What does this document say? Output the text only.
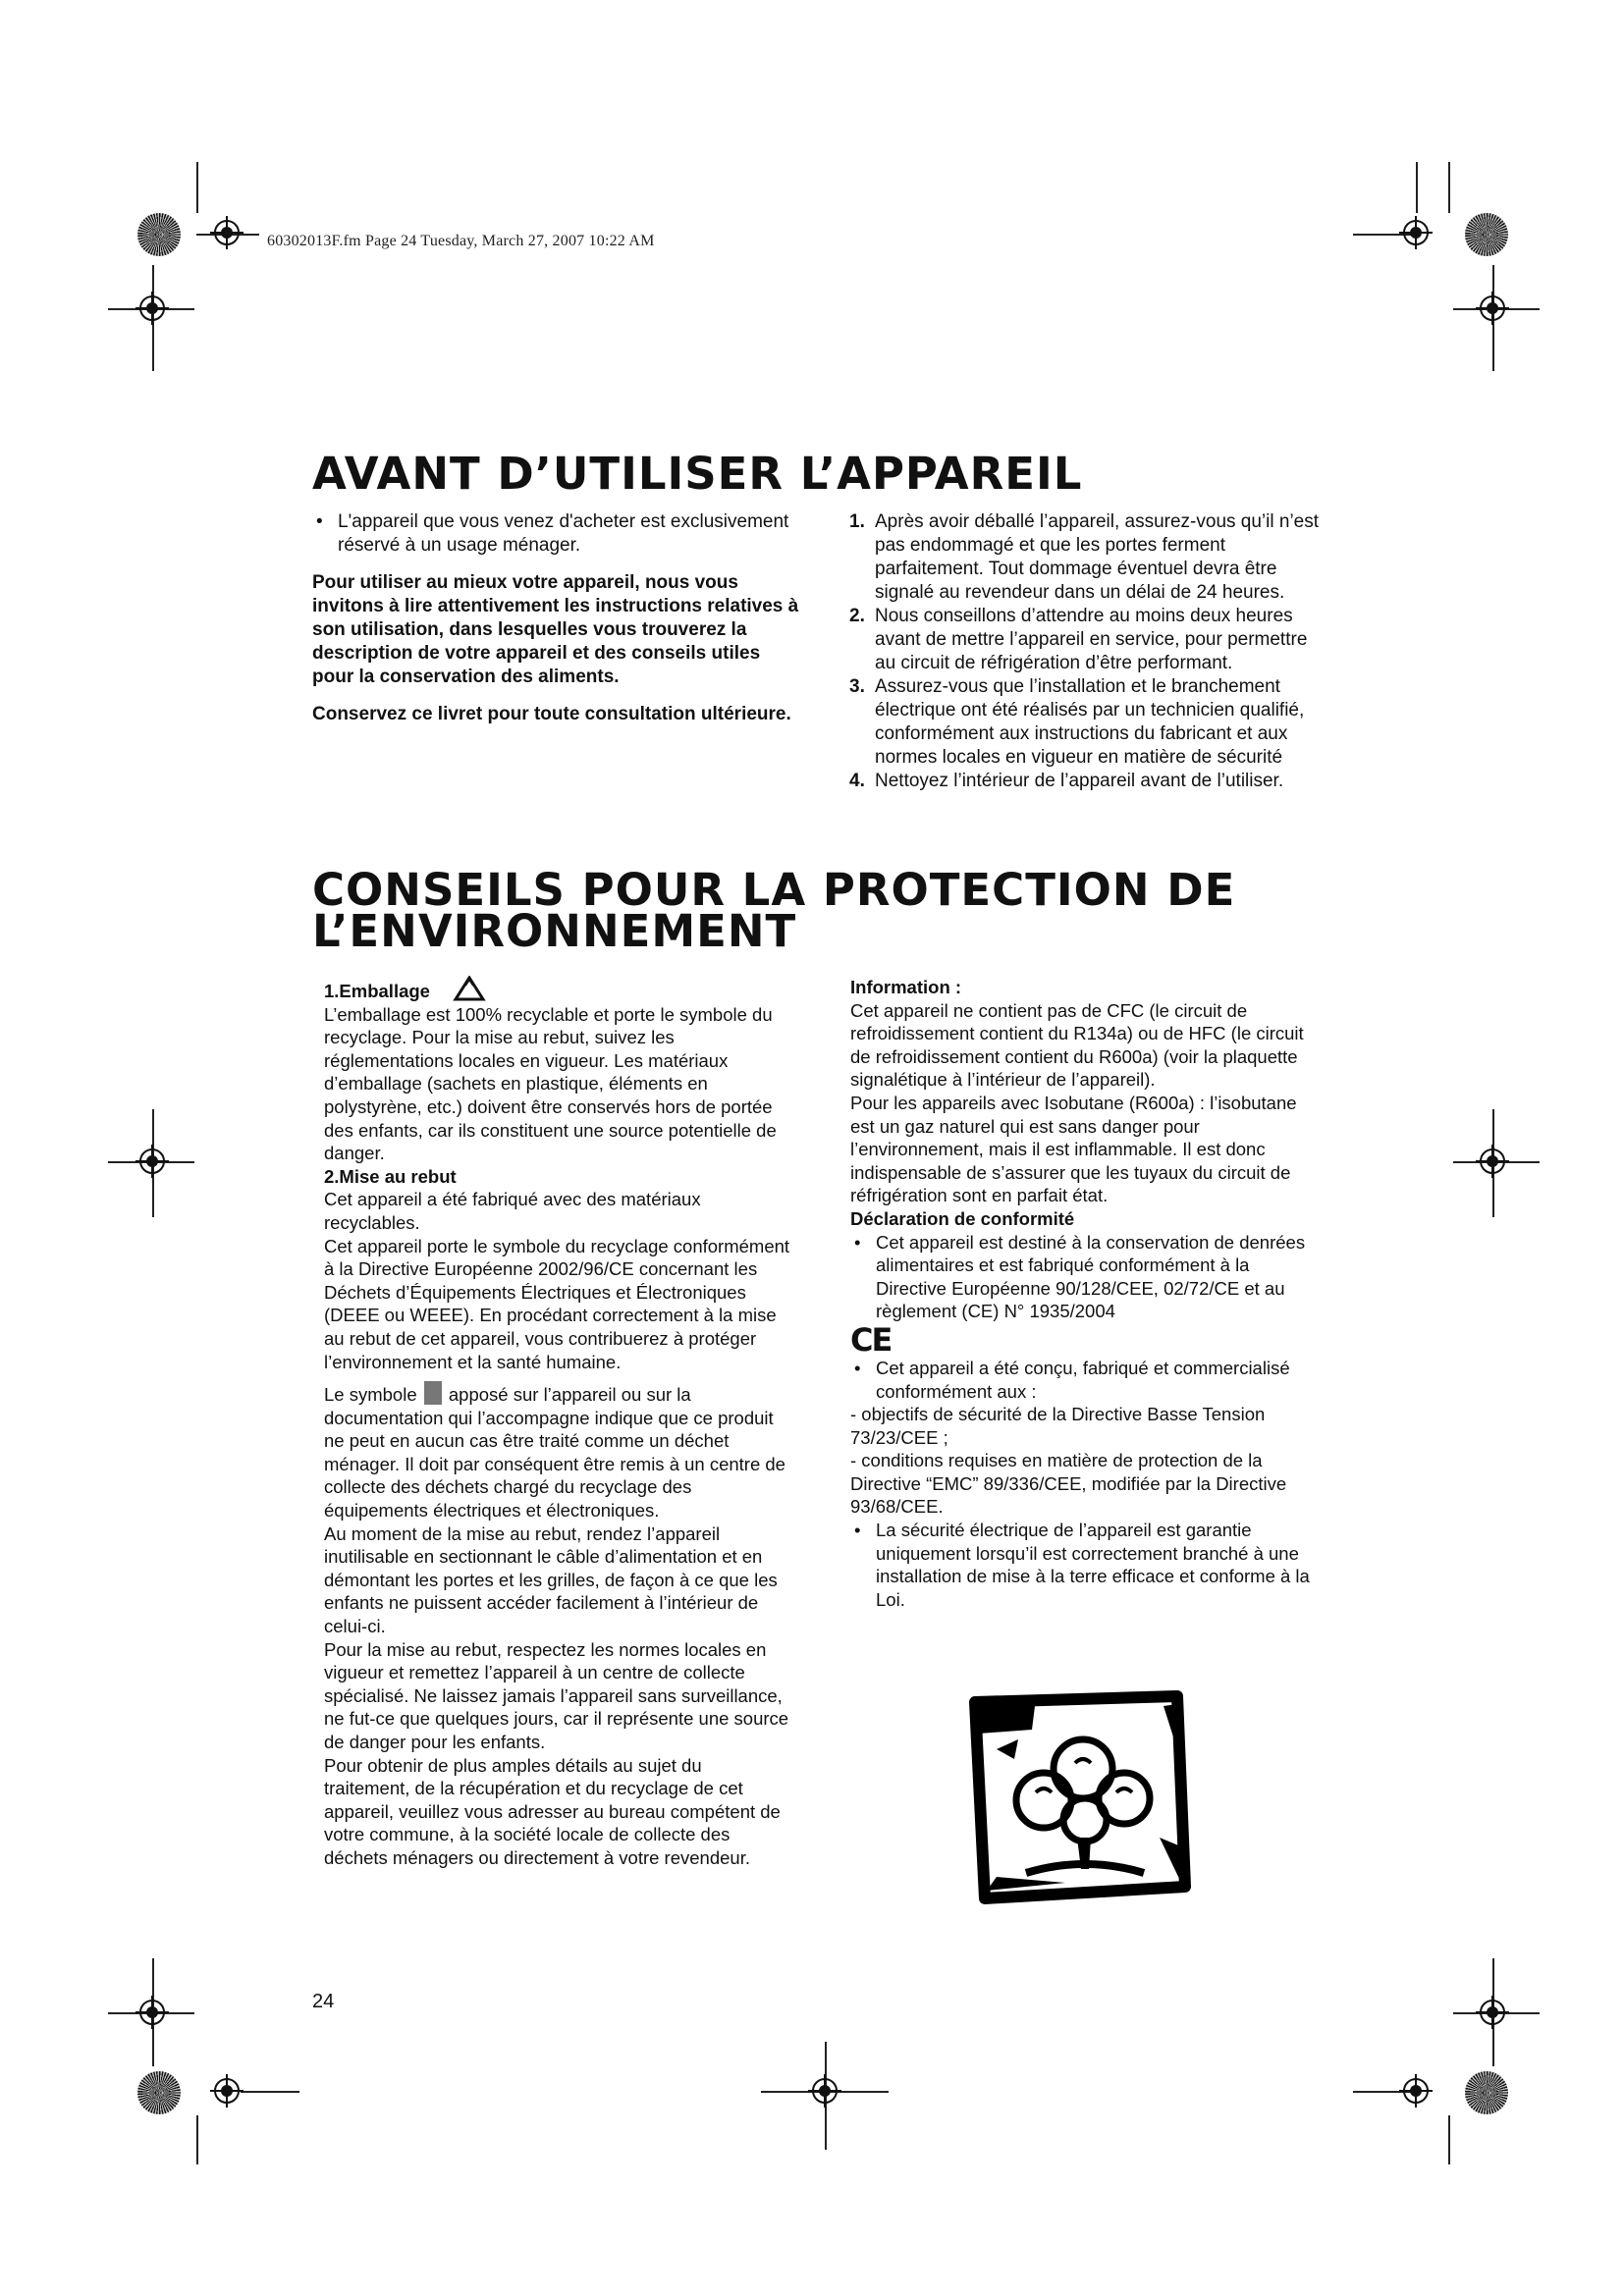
60302013F.fm Page 24 Tuesday, March 27, 2007 10:22 AM
AVANT D’UTILISER L’APPAREIL
• L'appareil que vous venez d'acheter est exclusivement réservé à un usage ménager.

Pour utiliser au mieux votre appareil, nous vous invitons à lire attentivement les instructions relatives à son utilisation, dans lesquelles vous trouverez la description de votre appareil et des conseils utiles pour la conservation des aliments.

Conservez ce livret pour toute consultation ultérieure.

1. Après avoir déballé l’appareil, assurez-vous qu’il n’est pas endommagé et que les portes ferment parfaitement. Tout dommage éventuel devra être signalé au revendeur dans un délai de 24 heures.
2. Nous conseillons d’attendre au moins deux heures avant de mettre l’appareil en service, pour permettre au circuit de réfrigération d’être performant.
3. Assurez-vous que l’installation et le branchement électrique ont été réalisés par un technicien qualifié, conformément aux instructions du fabricant et aux normes locales en vigueur en matière de sécurité
4. Nettoyez l’intérieur de l’appareil avant de l’utiliser.
CONSEILS POUR LA PROTECTION DE
L’ENVIRONNEMENT

1.Emballage

L’emballage est 100% recyclable et porte le symbole du recyclage. Pour la mise au rebut, suivez les réglementations locales en vigueur. Les matériaux d’emballage (sachets en plastique, éléments en polystyrène, etc.) doivent être conservés hors de portée des enfants, car ils constituent une source potentielle de danger.

2.Mise au rebut

Cet appareil a été fabriqué avec des matériaux recyclables.

Cet appareil porte le symbole du recyclage conformément à la Directive Européenne 2002/96/CE concernant les Déchets d’Équipements Électriques et Électroniques (DEEE ou WEEE). En procédant correctement à la mise au rebut de cet appareil, vous contribuerez à protéger l’environnement et la santé humaine.

Le symbole apposé sur l’appareil ou sur la documentation qui l’accompagne indique que ce produit ne peut en aucun cas être traité comme un déchet ménager. Il doit par conséquent être remis à un centre de collecte des déchets chargé du recyclage des équipements électriques et électroniques.

Au moment de la mise au rebut, rendez l’appareil inutilisable en sectionnant le câble d’alimentation et en démontant les portes et les grilles, de façon à ce que les enfants ne puissent accéder facilement à l’intérieur de celui-ci.

Pour la mise au rebut, respectez les normes locales en vigueur et remettez l’appareil à un centre de collecte spécialisé. Ne laissez jamais l’appareil sans surveillance, ne fut-ce que quelques jours, car il représente une source de danger pour les enfants.

Pour obtenir de plus amples détails au sujet du traitement, de la récupération et du recyclage de cet appareil, veuillez vous adresser au bureau compétent de votre commune, à la société locale de collecte des déchets ménagers ou directement à votre revendeur.

Information :

Cet appareil ne contient pas de CFC (le circuit de refroidissement contient du R134a) ou de HFC (le circuit de refroidissement contient du R600a) (voir la plaquette signalétique à l’intérieur de l’appareil).

Pour les appareils avec Isobutane (R600a) : l’isobutane est un gaz naturel qui est sans danger pour l’environnement, mais il est inflammable. Il est donc indispensable de s’assurer que les tuyaux du circuit de réfrigération sont en parfait état.

Déclaration de conformité

• Cet appareil est destiné à la conservation de denrées alimentaires et est fabriqué conformément à la Directive Européenne 90/128/CEE, 02/72/CE et au règlement (CE) N° 1935/2004

CE

• Cet appareil a été conçu, fabriqué et commercialisé conformément aux :

- objectifs de sécurité de la Directive Basse Tension 73/23/CEE ;

- conditions requises en matière de protection de la Directive “EMC” 89/336/CEE, modifiée par la Directive 93/68/CEE.

• La sécurité électrique de l’appareil est garantie uniquement lorsqu’il est correctement branché à une installation de mise à la terre efficace et conforme à la Loi.
24
